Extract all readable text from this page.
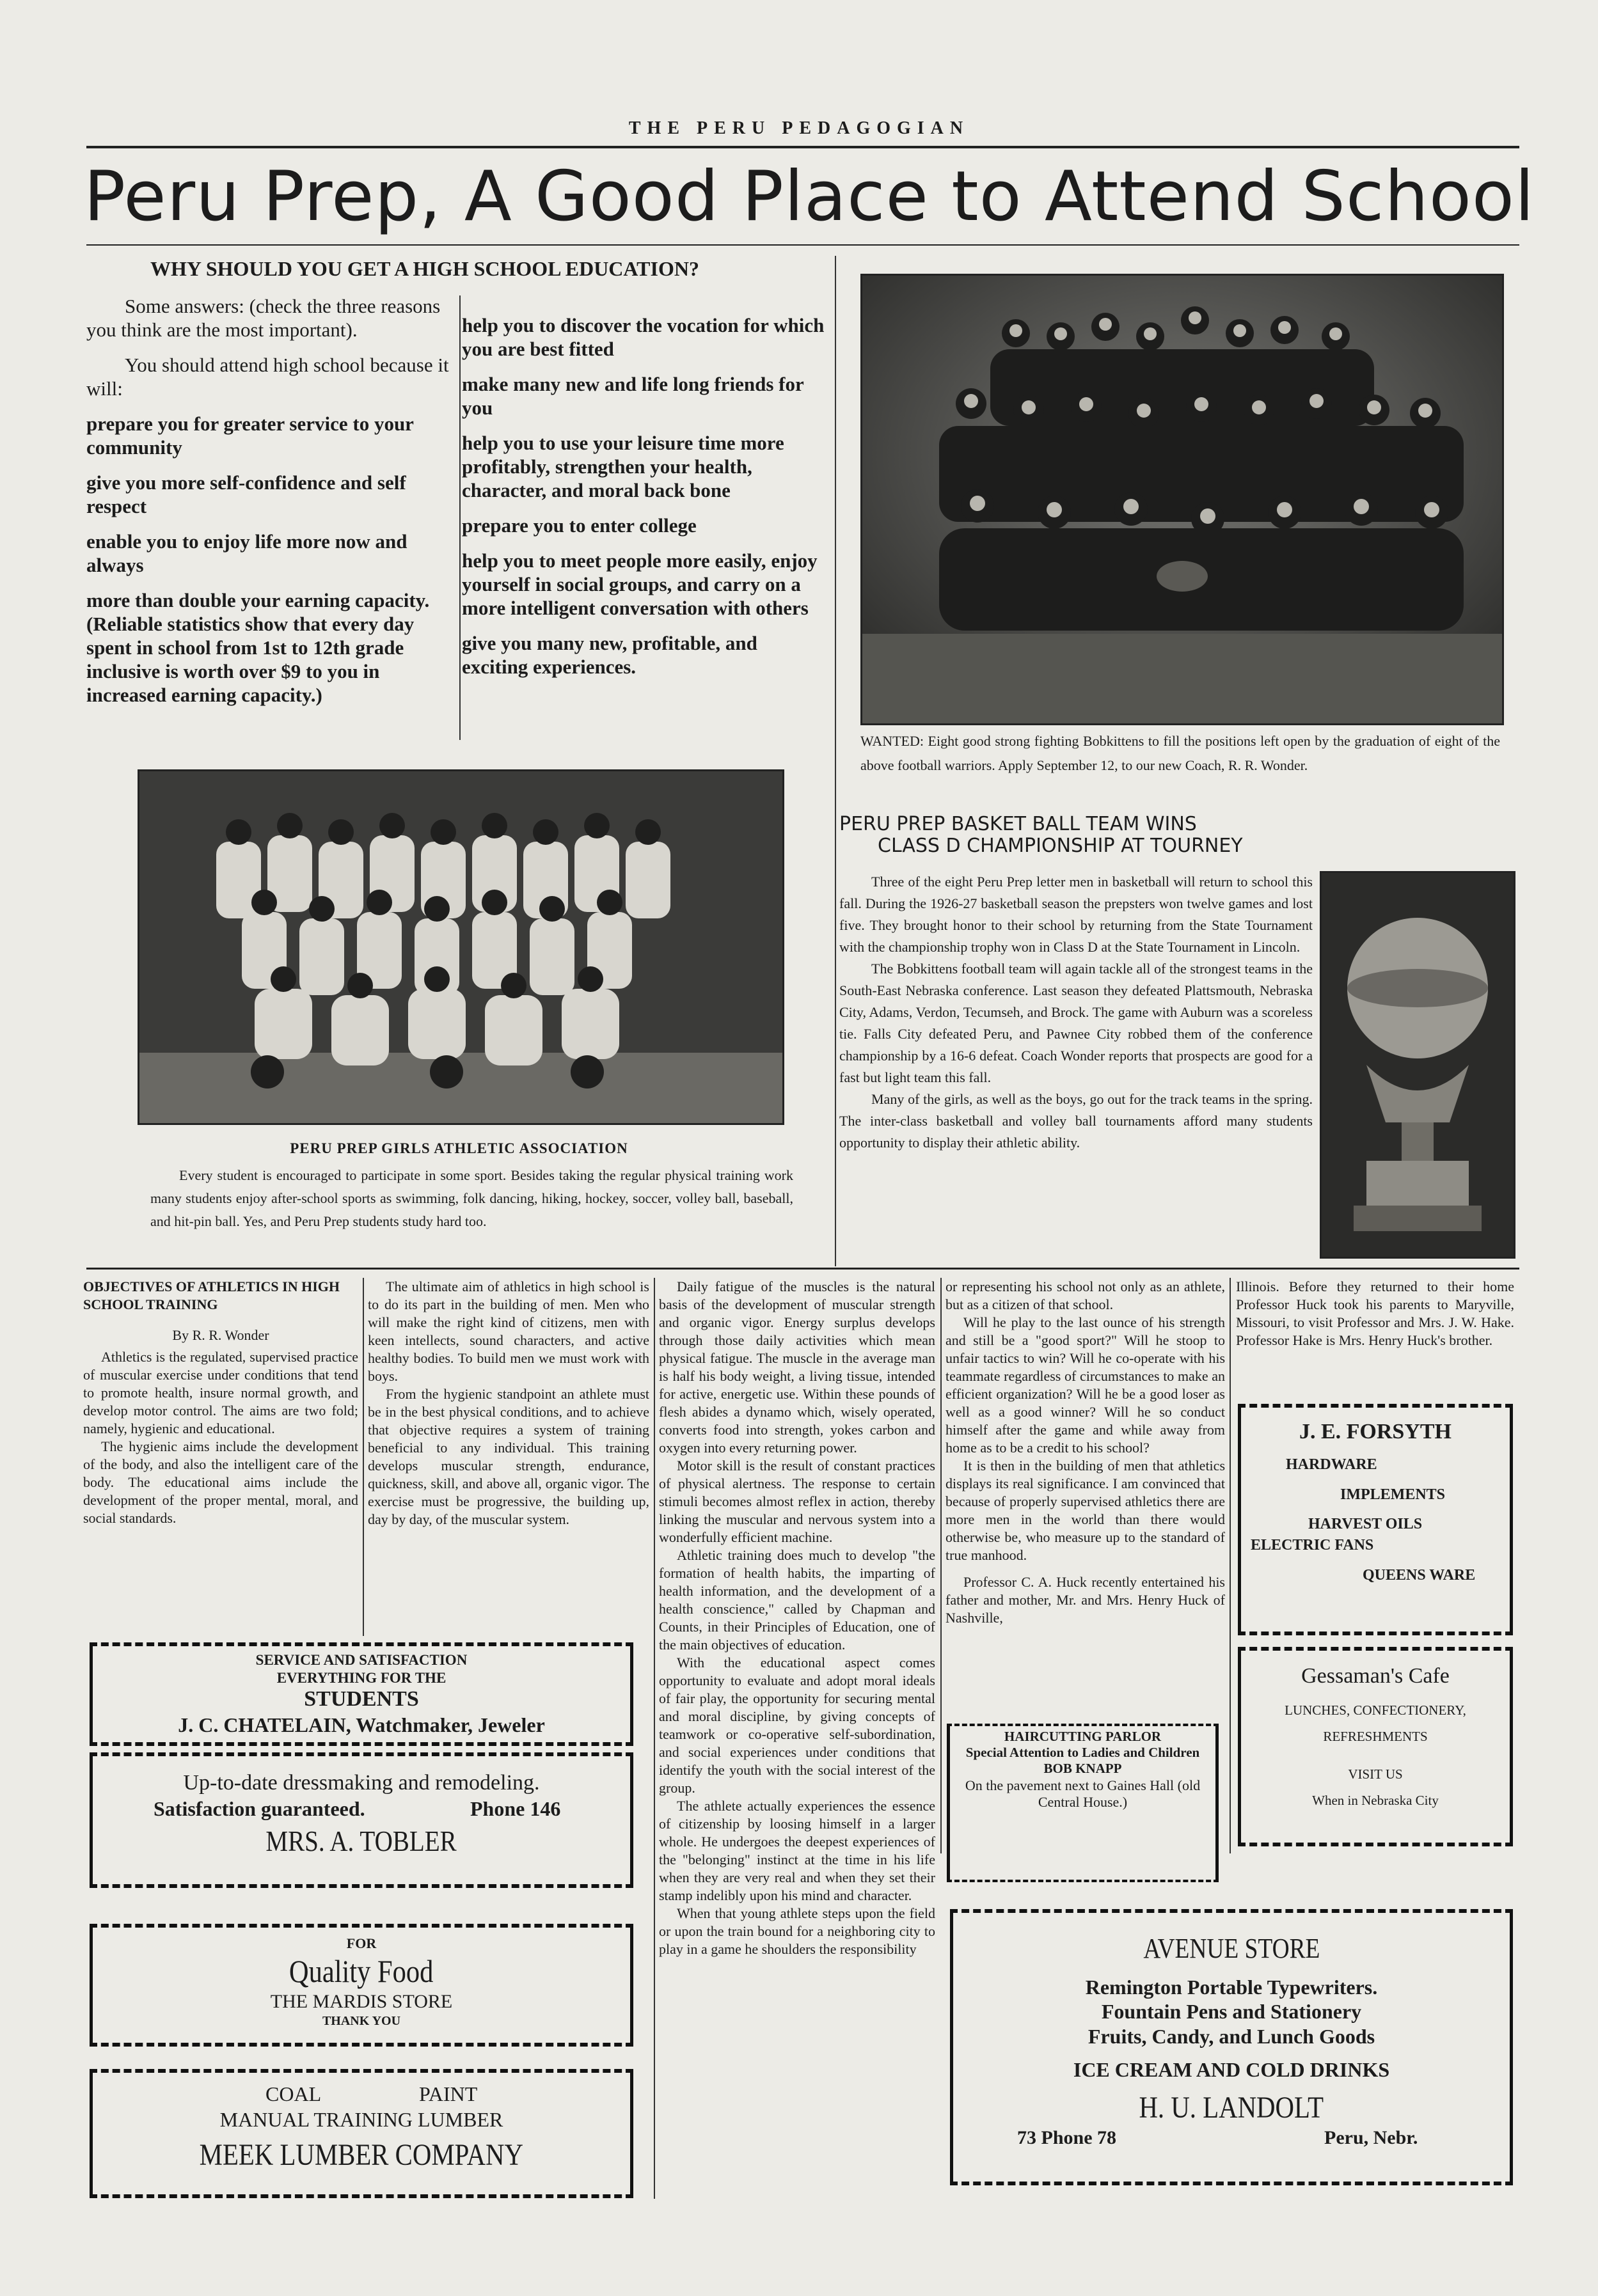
THE PERU PEDAGOGIAN
Peru Prep, A Good Place to Attend School
WHY SHOULD YOU GET A HIGH SCHOOL EDUCATION?

Some answers: (check the three reasons you think are the most important).

You should attend high school because it will:

prepare you for greater service to your community

give you more self-confidence and self respect

enable you to enjoy life more now and always

more than double your earning capacity. (Reliable statistics show that every day spent in school from 1st to 12th grade inclusive is worth over $9 to you in increased earning capacity.)

help you to discover the vocation for which you are best fitted

make many new and life long friends for you

help you to use your leisure time more profitably, strengthen your health, character, and moral back bone

prepare you to enter college

help you to meet people more easily, enjoy yourself in social groups, and carry on a more intelligent conversation with others

give you many new, profitable, and exciting experiences.

WANTED: Eight good strong fighting Bobkittens to fill the positions left open by the graduation of eight of the above football warriors. Apply September 12, to our new Coach, R. R. Wonder.
PERU PREP GIRLS ATHLETIC ASSOCIATION
Every student is encouraged to participate in some sport. Besides taking the regular physical training work many students enjoy after-school sports as swimming, folk dancing, hiking, hockey, soccer, volley ball, baseball, and hit-pin ball. Yes, and Peru Prep students study hard too.
PERU PREP BASKET BALL TEAM WINS
CLASS D CHAMPIONSHIP AT TOURNEY

Three of the eight Peru Prep letter men in basketball will return to school this fall. During the 1926-27 basketball season the prepsters won twelve games and lost five. They brought honor to their school by returning from the State Tournament with the championship trophy won in Class D at the State Tournament in Lincoln.

The Bobkittens football team will again tackle all of the strongest teams in the South-East Nebraska conference. Last season they defeated Plattsmouth, Nebraska City, Adams, Verdon, Tecumseh, and Brock. The game with Auburn was a scoreless tie. Falls City defeated Peru, and Pawnee City robbed them of the conference championship by a 16-6 defeat. Coach Wonder reports that prospects are good for a fast but light team this fall.

Many of the girls, as well as the boys, go out for the track teams in the spring. The inter-class basketball and volley ball tournaments afford many students opportunity to display their athletic ability.

OBJECTIVES OF ATHLETICS IN HIGH SCHOOL TRAINING
By R. R. Wonder

Athletics is the regulated, supervised practice of muscular exercise under conditions that tend to promote health, insure normal growth, and develop motor control. The aims are two fold; namely, hygienic and educational.

The hygienic aims include the development of the body, and also the intelligent care of the body. The educational aims include the development of the proper mental, moral, and social standards.

The ultimate aim of athletics in high school is to do its part in the building of men. Men who will make the right kind of citizens, men with keen intellects, sound characters, and active healthy bodies. To build men we must work with boys.

From the hygienic standpoint an athlete must be in the best physical conditions, and to achieve that objective requires a system of training beneficial to any individual. This training develops muscular strength, endurance, quickness, skill, and above all, organic vigor. The exercise must be progressive, the building up, day by day, of the muscular system.

Daily fatigue of the muscles is the natural basis of the development of muscular strength and organic vigor. Energy surplus develops through those daily activities which mean physical fatigue. The muscle in the average man is half his body weight, a living tissue, intended for active, energetic use. Within these pounds of flesh abides a dynamo which, wisely operated, converts food into strength, yokes carbon and oxygen into every returning power.

Motor skill is the result of constant practices of physical alertness. The response to certain stimuli becomes almost reflex in action, thereby linking the muscular and nervous system into a wonderfully efficient machine.

Athletic training does much to develop "the formation of health habits, the imparting of health information, and the development of a health conscience," called by Chapman and Counts, in their Principles of Education, one of the main objectives of education.

With the educational aspect comes opportunity to evaluate and adopt moral ideals of fair play, the opportunity for securing mental and moral discipline, by giving concepts of teamwork or co-operative self-subordination, and social experiences under conditions that identify the youth with the social interest of the group.

The athlete actually experiences the essence of citizenship by loosing himself in a larger whole. He undergoes the deepest experiences of the "belonging" instinct at the time in his life when they are very real and when they set their stamp indelibly upon his mind and character.

When that young athlete steps upon the field or upon the train bound for a neighboring city to play in a game he shoulders the responsibility

or representing his school not only as an athlete, but as a citizen of that school.

Will he play to the last ounce of his strength and still be a "good sport?" Will he stoop to unfair tactics to win? Will he co-operate with his teammate regardless of circumstances to make an efficient organization? Will he be a good loser as well as a good winner? Will he so conduct himself after the game and while away from home as to be a credit to his school?

It is then in the building of men that athletics displays its real significance. I am convinced that because of properly supervised athletics there are more men in the world than there would otherwise be, who measure up to the standard of true manhood.

Professor C. A. Huck recently entertained his father and mother, Mr. and Mrs. Henry Huck of Nashville,

Illinois. Before they returned to their home Professor Huck took his parents to Maryville, Missouri, to visit Professor and Mrs. J. W. Hake. Professor Hake is Mrs. Henry Huck's brother.

SERVICE AND SATISFACTION
EVERYTHING FOR THE
STUDENTS
J. C. CHATELAIN, Watchmaker, Jeweler
Up-to-date dressmaking and remodeling.
Satisfaction guaranteed.	Phone 146
MRS. A. TOBLER
FOR
Quality Food
THE MARDIS STORE
THANK YOU
COAL	PAINT
MANUAL TRAINING LUMBER
MEEK LUMBER COMPANY
HAIRCUTTING PARLOR
Special Attention to Ladies and Children
BOB KNAPP
On the pavement next to Gaines Hall (old Central House.)
J. E. FORSYTH
HARDWARE
IMPLEMENTS
HARVEST OILS
ELECTRIC FANS
QUEENS WARE
Gessaman's Cafe
LUNCHES, CONFECTIONERY,
REFRESHMENTS
VISIT US
When in Nebraska City
AVENUE STORE
Remington Portable Typewriters.
Fountain Pens and Stationery
Fruits, Candy, and Lunch Goods
ICE CREAM AND COLD DRINKS
H. U. LANDOLT
73 Phone 78	Peru, Nebr.
